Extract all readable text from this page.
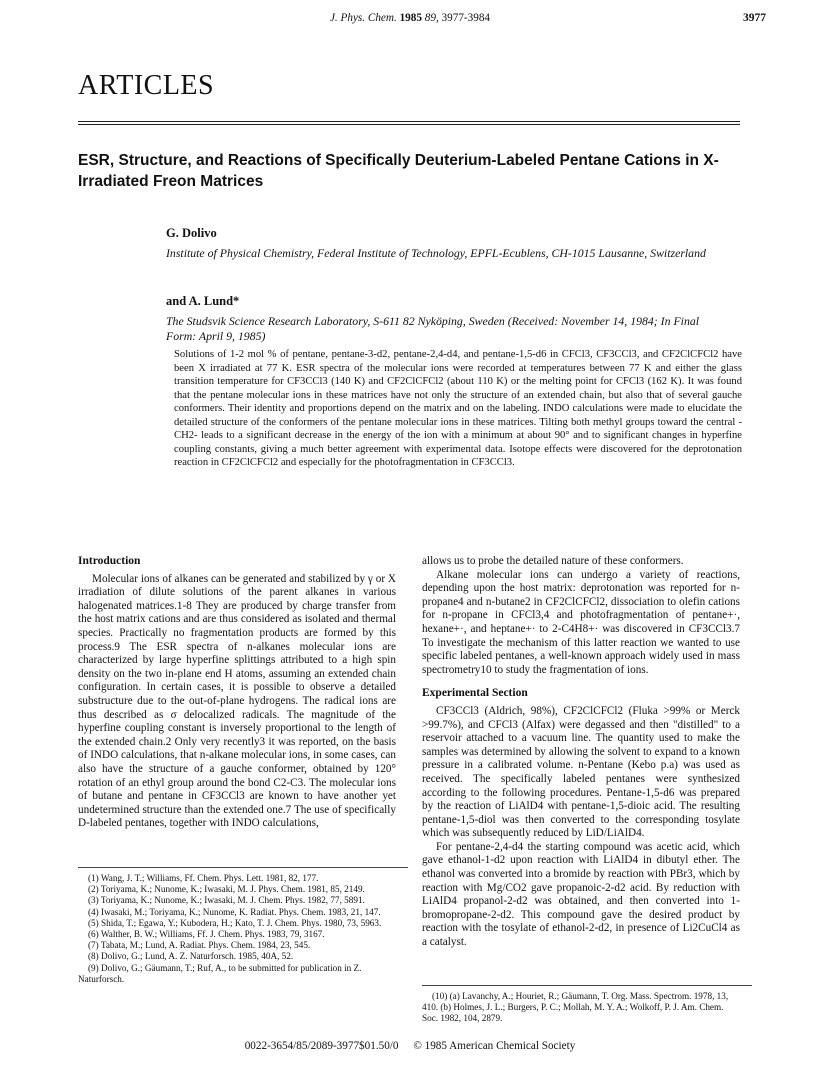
J. Phys. Chem. 1985 89, 3977-3984	3977
ARTICLES
ESR, Structure, and Reactions of Specifically Deuterium-Labeled Pentane Cations in X-Irradiated Freon Matrices
G. Dolivo
Institute of Physical Chemistry, Federal Institute of Technology, EPFL-Ecublens, CH-1015 Lausanne, Switzerland
and A. Lund*
The Studsvik Science Research Laboratory, S-611 82 Nyköping, Sweden (Received: November 14, 1984; In Final Form: April 9, 1985)
Solutions of 1-2 mol % of pentane, pentane-3-d2, pentane-2,4-d4, and pentane-1,5-d6 in CFCl3, CF3CCl3, and CF2ClCFCl2 have been X irradiated at 77 K. ESR spectra of the molecular ions were recorded at temperatures between 77 K and either the glass transition temperature for CF3CCl3 (140 K) and CF2ClCFCl2 (about 110 K) or the melting point for CFCl3 (162 K). It was found that the pentane molecular ions in these matrices have not only the structure of an extended chain, but also that of several gauche conformers. Their identity and proportions depend on the matrix and on the labeling. INDO calculations were made to elucidate the detailed structure of the conformers of the pentane molecular ions in these matrices. Tilting both methyl groups toward the central -CH2- leads to a significant decrease in the energy of the ion with a minimum at about 90° and to significant changes in hyperfine coupling constants, giving a much better agreement with experimental data. Isotope effects were discovered for the deprotonation reaction in CF2ClCFCl2 and especially for the photofragmentation in CF3CCl3.
Introduction

Molecular ions of alkanes can be generated and stabilized by γ or X irradiation of dilute solutions of the parent alkanes in various halogenated matrices.1-8 They are produced by charge transfer from the host matrix cations and are thus considered as isolated and thermal species. Practically no fragmentation products are formed by this process.9 The ESR spectra of n-alkanes molecular ions are characterized by large hyperfine splittings attributed to a high spin density on the two in-plane end H atoms, assuming an extended chain configuration. In certain cases, it is possible to observe a detailed substructure due to the out-of-plane hydrogens. The radical ions are thus described as σ delocalized radicals. The magnitude of the hyperfine coupling constant is inversely proportional to the length of the extended chain.2 Only very recently3 it was reported, on the basis of INDO calculations, that n-alkane molecular ions, in some cases, can also have the structure of a gauche conformer, obtained by 120° rotation of an ethyl group around the bond C2-C3. The molecular ions of butane and pentane in CF3CCl3 are known to have another yet undetermined structure than the extended one.7 The use of specifically D-labeled pentanes, together with INDO calculations,

allows us to probe the detailed nature of these conformers.

Alkane molecular ions can undergo a variety of reactions, depending upon the host matrix: deprotonation was reported for n-propane4 and n-butane2 in CF2ClCFCl2, dissociation to olefin cations for n-propane in CFCl3,4 and photofragmentation of pentane+·, hexane+·, and heptane+· to 2-C4H8+· was discovered in CF3CCl3.7 To investigate the mechanism of this latter reaction we wanted to use specific labeled pentanes, a well-known approach widely used in mass spectrometry10 to study the fragmentation of ions.

Experimental Section

CF3CCl3 (Aldrich, 98%), CF2ClCFCl2 (Fluka >99% or Merck >99.7%), and CFCl3 (Alfax) were degassed and then "distilled" to a reservoir attached to a vacuum line. The quantity used to make the samples was determined by allowing the solvent to expand to a known pressure in a calibrated volume. n-Pentane (Kebo p.a) was used as received. The specifically labeled pentanes were synthesized according to the following procedures. Pentane-1,5-d6 was prepared by the reaction of LiAlD4 with pentane-1,5-dioic acid. The resulting pentane-1,5-diol was then converted to the corresponding tosylate which was subsequently reduced by LiD/LiAlD4.

For pentane-2,4-d4 the starting compound was acetic acid, which gave ethanol-1-d2 upon reaction with LiAlD4 in dibutyl ether. The ethanol was converted into a bromide by reaction with PBr3, which by reaction with Mg/CO2 gave propanoic-2-d2 acid. By reduction with LiAlD4 propanol-2-d2 was obtained, and then converted into 1-bromopropane-2-d2. This compound gave the desired product by reaction with the tosylate of ethanol-2-d2, in presence of Li2CuCl4 as a catalyst.

(1) Wang, J. T.; Williams, Ff. Chem. Phys. Lett. 1981, 82, 177.
(2) Toriyama, K.; Nunome, K.; Iwasaki, M. J. Phys. Chem. 1981, 85, 2149.
(3) Toriyama, K.; Nunome, K.; Iwasaki, M. J. Chem. Phys. 1982, 77, 5891.
(4) Iwasaki, M.; Toriyama, K.; Nunome, K. Radiat. Phys. Chem. 1983, 21, 147.
(5) Shida, T.; Egawa, Y.; Kubodera, H.; Kato, T. J. Chem. Phys. 1980, 73, 5963.
(6) Walther, B. W.; Williams, Ff. J. Chem. Phys. 1983, 79, 3167.
(7) Tabata, M.; Lund, A. Radiat. Phys. Chem. 1984, 23, 545.
(8) Dolivo, G.; Lund, A. Z. Naturforsch. 1985, 40A, 52.
(9) Dolivo, G.; Gäumann, T.; Ruf, A., to be submitted for publication in Z. Naturforsch.
(10) (a) Lavanchy, A.; Houriet, R.; Gäumann, T. Org. Mass. Spectrom. 1978, 13, 410. (b) Holmes, J. L.; Burgers, P. C.; Mollah, M. Y. A.; Wolkoff, P. J. Am. Chem. Soc. 1982, 104, 2879.
0022-3654/85/2089-3977$01.50/0 © 1985 American Chemical Society
